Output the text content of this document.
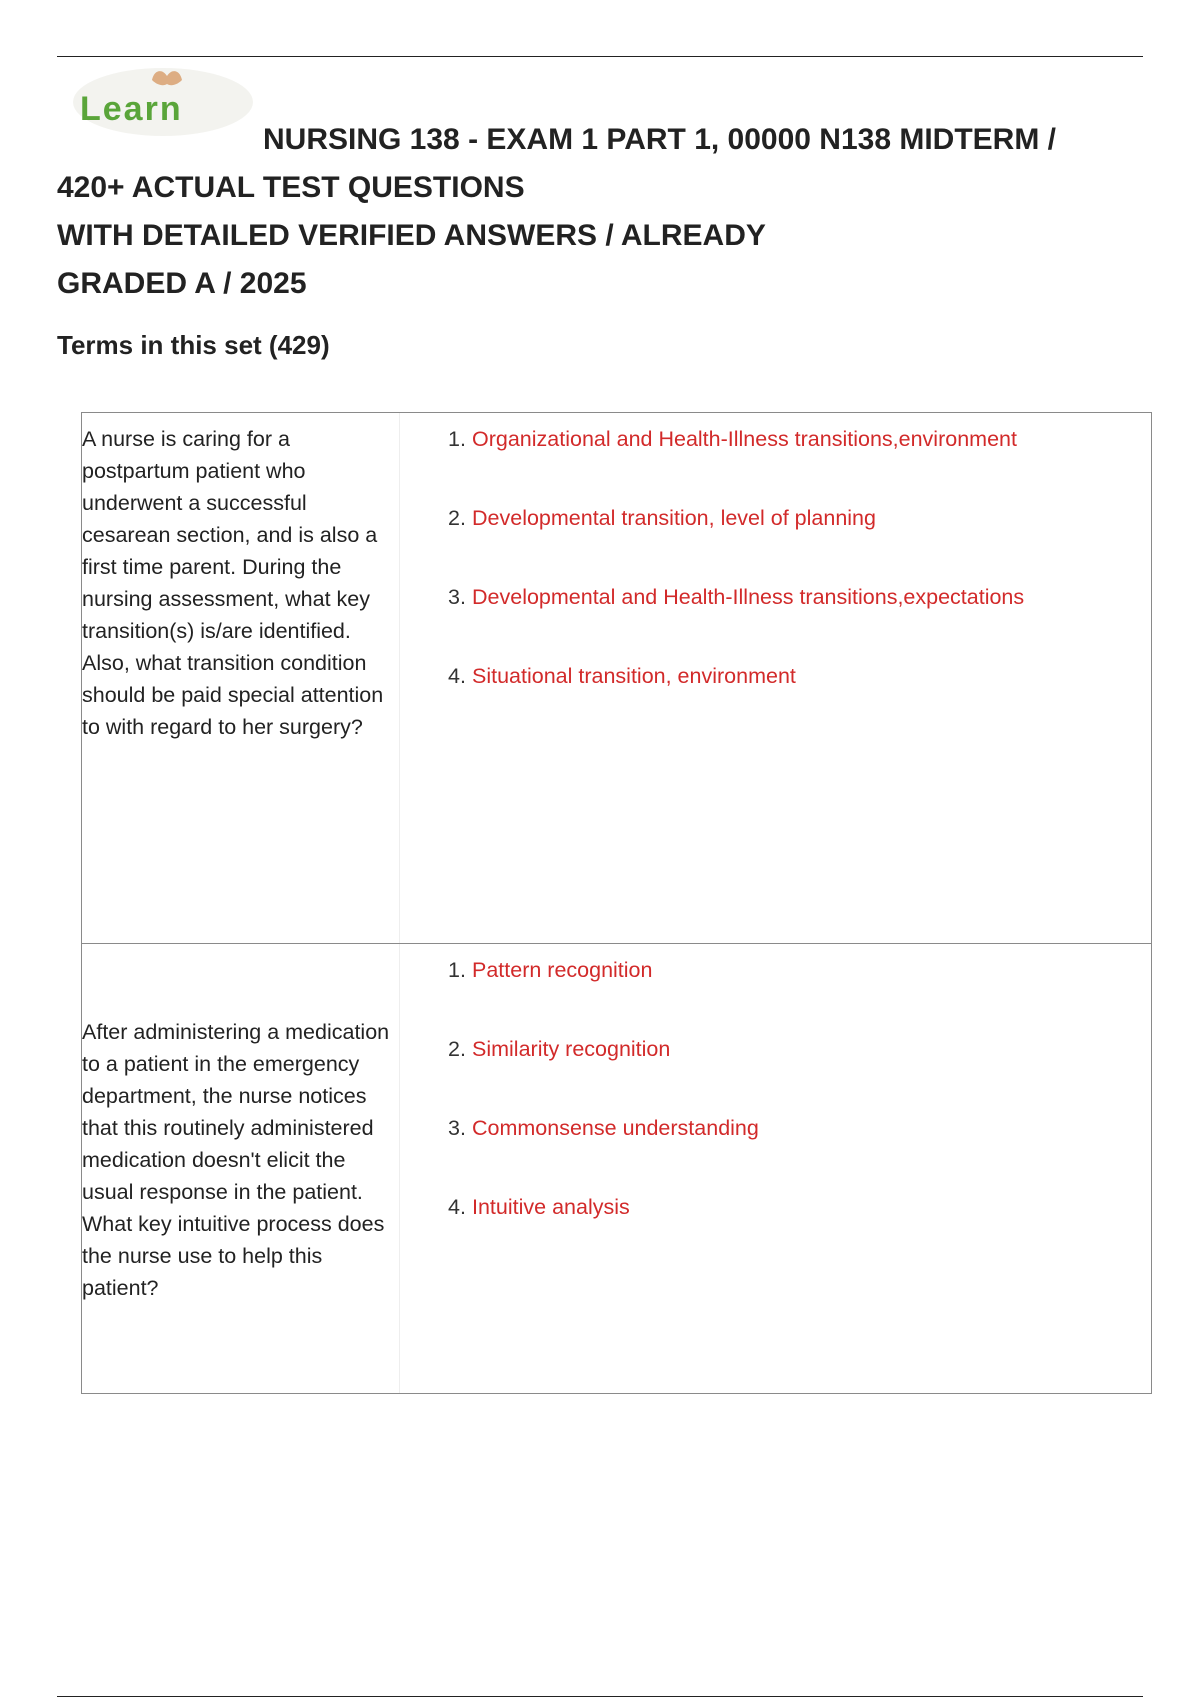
Learn
NURSING 138 - EXAM 1 PART 1, 00000 N138 MIDTERM /
420+ ACTUAL TEST QUESTIONS
WITH DETAILED VERIFIED ANSWERS / ALREADY
GRADED A / 2025
Terms in this set (429)
A nurse is caring for a postpartum patient who underwent a successful cesarean section, and is also a first time parent. During the nursing assessment, what key transition(s) is/are identified. Also, what transition condition should be paid special attention to with regard to her surgery?
1. Organizational and Health-Illness transitions,environment
2. Developmental transition, level of planning
3. Developmental and Health-Illness transitions,expectations
4. Situational transition, environment
After administering a medication to a patient in the emergency department, the nurse notices that this routinely administered medication doesn't elicit the usual response in the patient. What key intuitive process does the nurse use to help this patient?
1. Pattern recognition
2. Similarity recognition
3. Commonsense understanding
4. Intuitive analysis
